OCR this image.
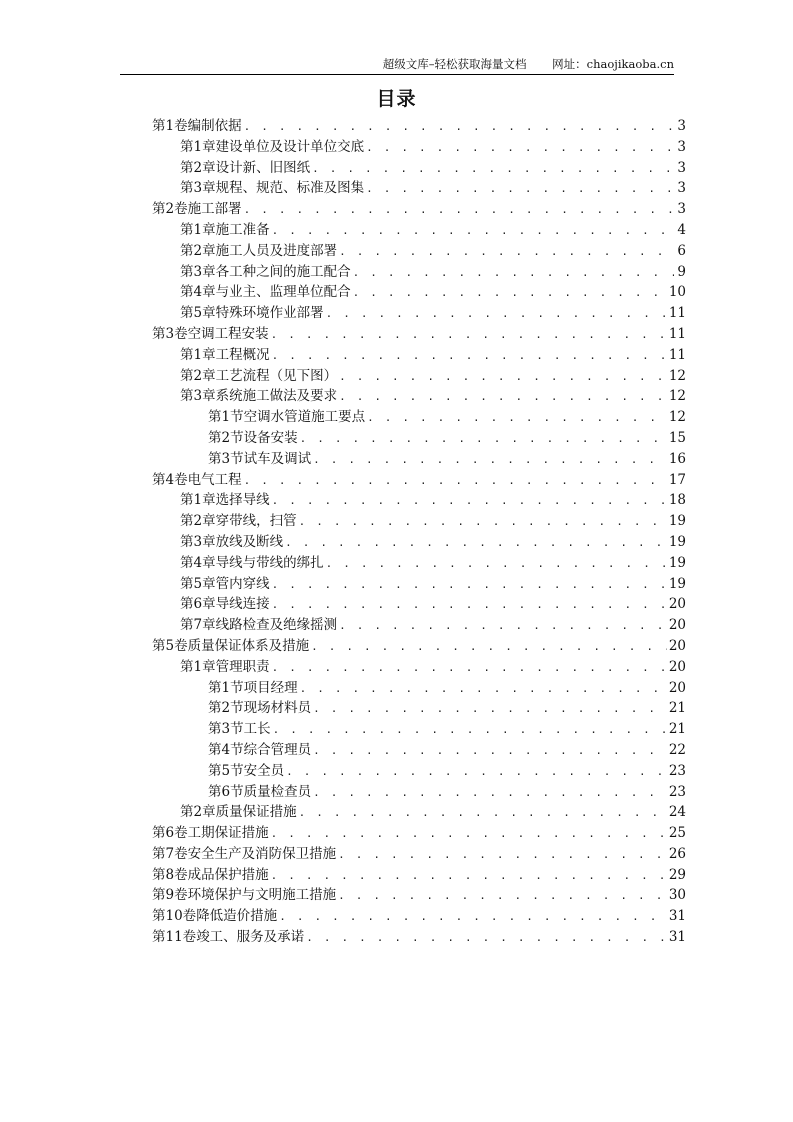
超级文库–轻松获取海量文档 网址：chaojikaoba.cn
目录
第1卷 编制依据 . . .	3
第1章 建设单位及设计单位交底 . . .	3
第2章 设计新、旧图纸 . . .	3
第3章 规程、规范、标准及图集 . . .	3
第2卷 施工部署 . . .	3
第1章 施工准备 . . .	4
第2章 施工人员及进度部署 . . .	6
第3章 各工种之间的施工配合 . . .	9
第4章 与业主、监理单位配合 . . .	10
第5章 特殊环境作业部署 . . .	11
第3卷 空调工程安装 . . .	11
第1章 工程概况 . . .	11
第2章 工艺流程（见下图） . . .	12
第3章 系统施工做法及要求 . . .	12
第1节 空调水管道施工要点 . . .	12
第2节 设备安装 . . .	15
第3节 试车及调试 . . .	16
第4卷 电气工程 . . .	17
第1章 选择导线 . . .	18
第2章 穿带线，扫管 . . .	19
第3章 放线及断线 . . .	19
第4章 导线与带线的绑扎 . . .	19
第5章 管内穿线 . . .	19
第6章 导线连接 . . .	20
第7章 线路检查及绝缘摇测 . . .	20
第5卷 质量保证体系及措施 . . .	20
第1章 管理职责 . . .	20
第1节 项目经理 . . .	20
第2节 现场材料员 . . .	21
第3节 工长 . . .	21
第4节 综合管理员 . . .	22
第5节 安全员 . . .	23
第6节 质量检查员 . . .	23
第2章 质量保证措施 . . .	24
第6卷 工期保证措施 . . .	25
第7卷 安全生产及消防保卫措施 . . .	26
第8卷 成品保护措施 . . .	29
第9卷 环境保护与文明施工措施 . . .	30
第10卷 降低造价措施 . . .	31
第11卷 竣工、服务及承诺 . . .	31
